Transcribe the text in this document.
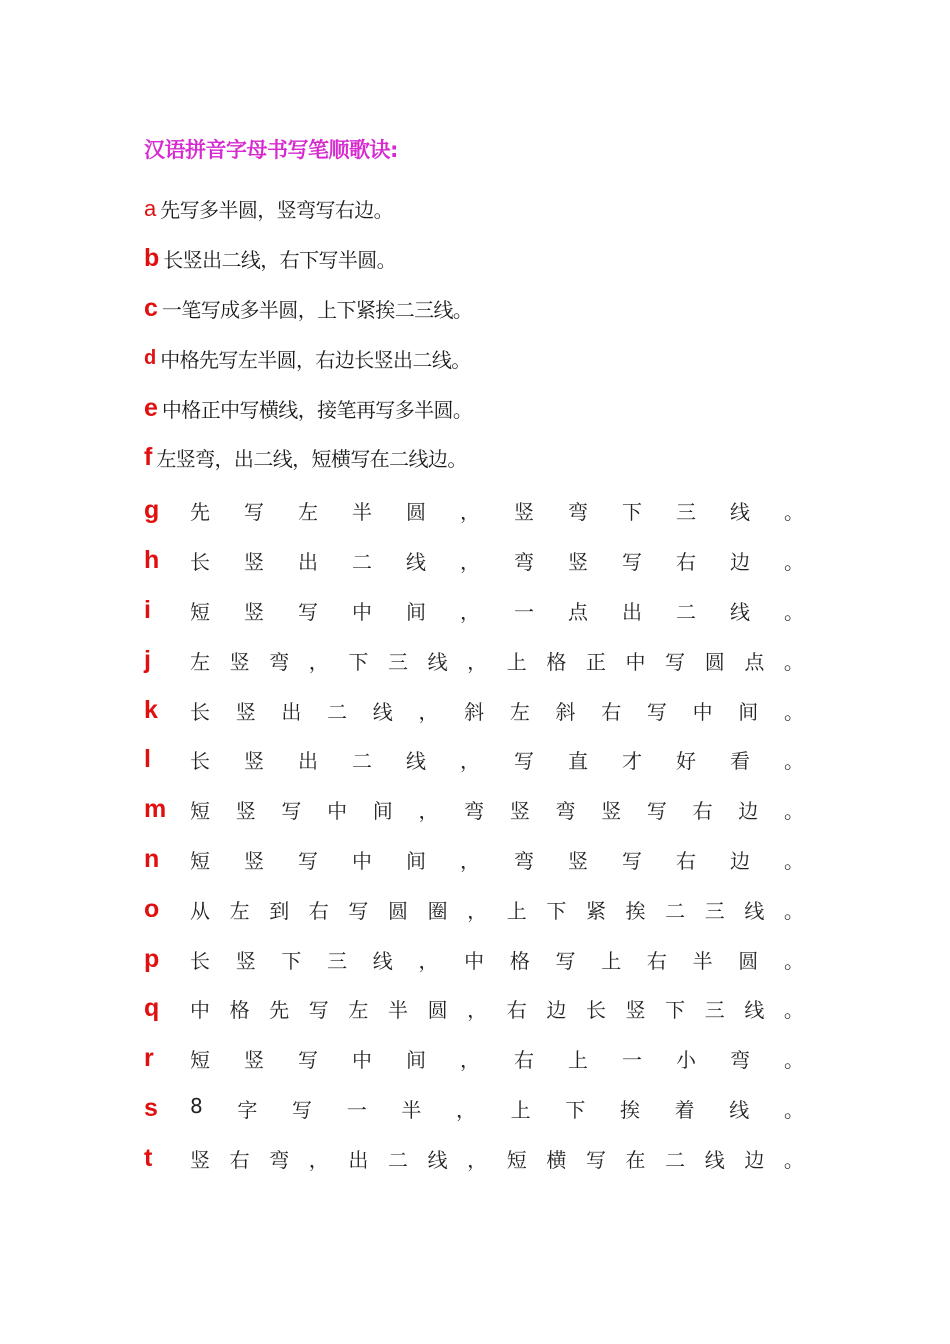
汉语拼音字母书写笔顺歌诀:
a 先写多半圆，竖弯写右边。
b 长竖出二线，右下写半圆。
c 一笔写成多半圆，上下紧挨二三线。
d 中格先写左半圆，右边长竖出二线。
e 中格正中写横线，接笔再写多半圆。
f 左竖弯，出二线，短横写在二线边。
g	先 写 左 半 圆 ， 竖 弯 下 三 线 。
h	长 竖 出 二 线 ， 弯 竖 写 右 边 。
i	短 竖 写 中 间 ， 一 点 出 二 线 。
j	左 竖 弯 ， 下 三 线 ， 上 格 正 中 写 圆 点 。
k	长 竖 出 二 线 ， 斜 左 斜 右 写 中 间 。
l	长 竖 出 二 线 ， 写 直 才 好 看 。
m	短 竖 写 中 间 ， 弯 竖 弯 竖 写 右 边 。
n	短 竖 写 中 间 ， 弯 竖 写 右 边 。
o	从 左 到 右 写 圆 圈 ， 上 下 紧 挨 二 三 线 。
p	长 竖 下 三 线 ， 中 格 写 上 右 半 圆 。
q	中 格 先 写 左 半 圆 ， 右 边 长 竖 下 三 线 。
r	短 竖 写 中 间 ， 右 上 一 小 弯 。
s	8 字 写 一 半 ， 上 下 挨 着 线 。
t	竖 右 弯 ， 出 二 线 ， 短 横 写 在 二 线 边 。
